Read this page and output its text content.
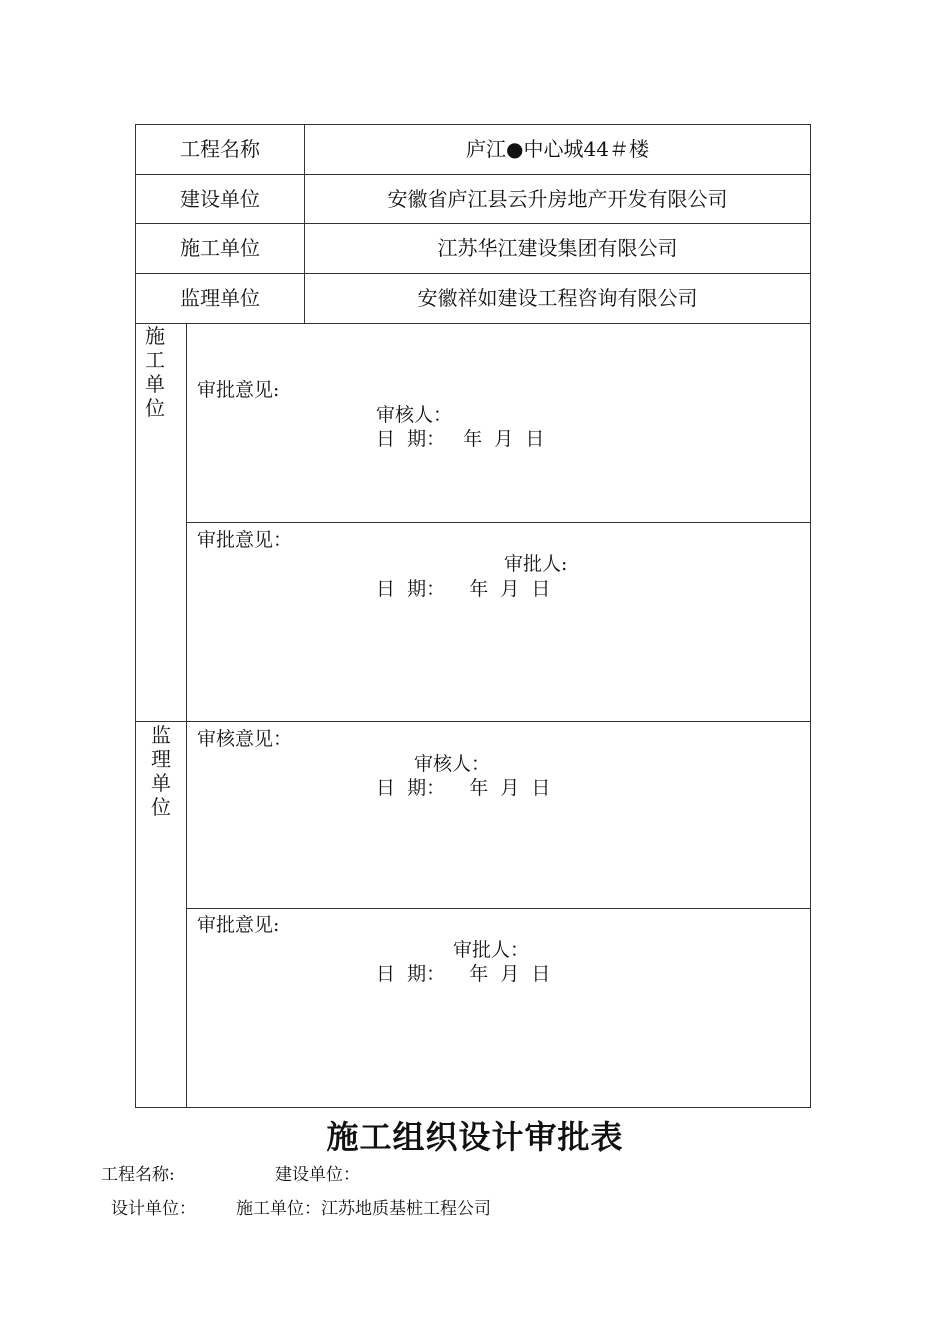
工程名称	庐江●中心城44＃楼
建设单位	安徽省庐江县云升房地产开发有限公司
施工单位	江苏华江建设集团有限公司
监理单位	安徽祥如建设工程咨询有限公司
施
工
单
位
监
理
单
位
审批意见:
审核人：
日  期：   年  月  日
审批意见：
审批人:
日  期：    年  月  日
审核意见：
审核人：
日  期：    年  月  日
审批意见:
审批人：
日  期：    年  月  日
施工组织设计审批表
工程名称:	建设单位：
设计单位： 施工单位：江苏地质基桩工程公司
